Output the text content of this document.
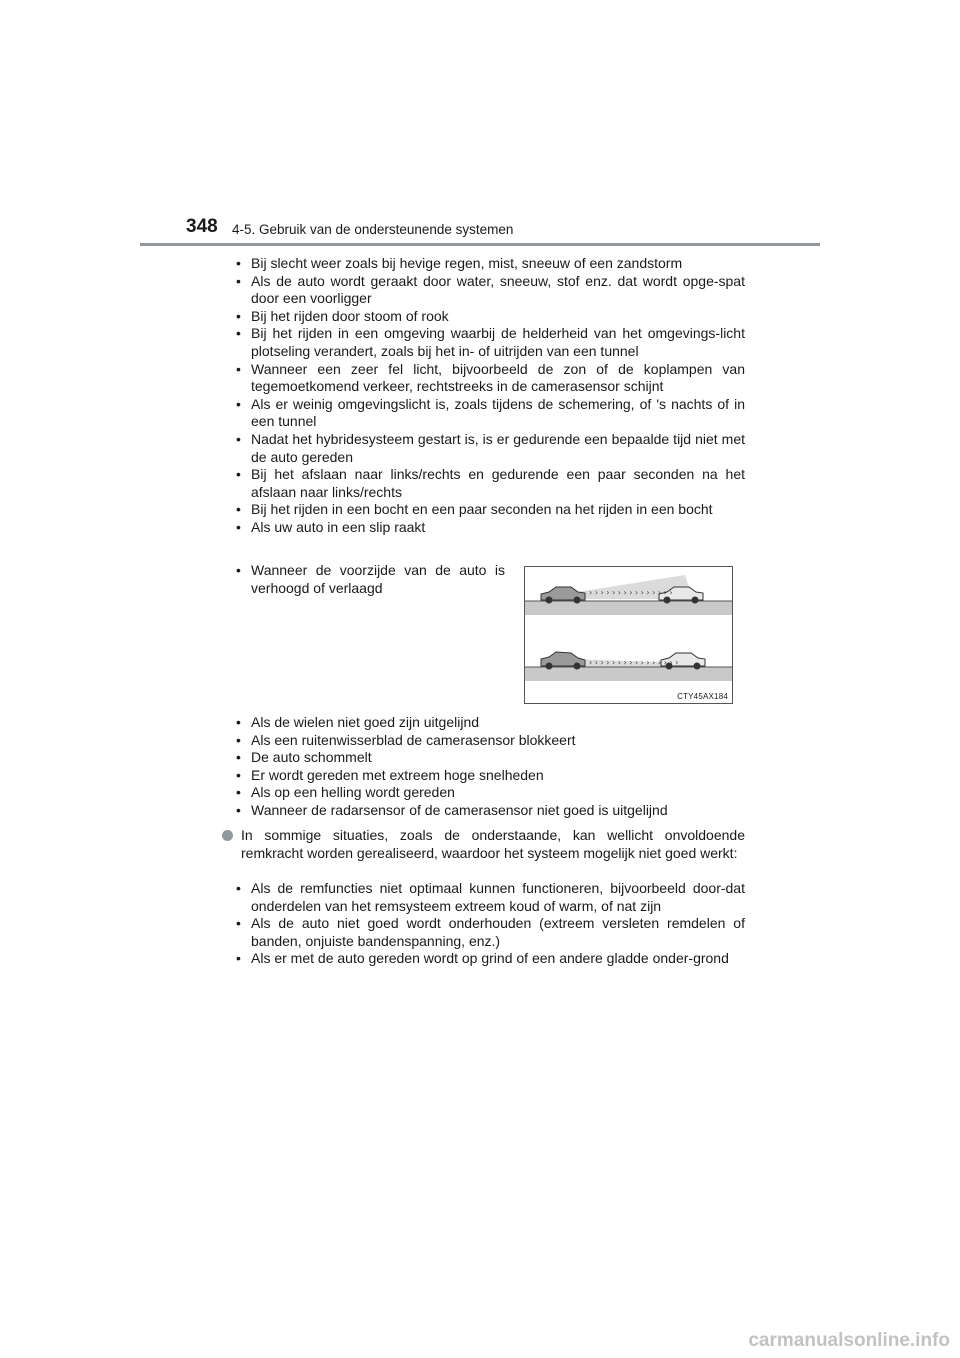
348 4-5. Gebruik van de ondersteunende systemen
• Bij slecht weer zoals bij hevige regen, mist, sneeuw of een zandstorm
• Als de auto wordt geraakt door water, sneeuw, stof enz. dat wordt opge-spat door een voorligger
• Bij het rijden door stoom of rook
• Bij het rijden in een omgeving waarbij de helderheid van het omgevings-licht plotseling verandert, zoals bij het in- of uitrijden van een tunnel
• Wanneer een zeer fel licht, bijvoorbeeld de zon of de koplampen van tegemoetkomend verkeer, rechtstreeks in de camerasensor schijnt
• Als er weinig omgevingslicht is, zoals tijdens de schemering, of 's nachts of in een tunnel
• Nadat het hybridesysteem gestart is, is er gedurende een bepaalde tijd niet met de auto gereden
• Bij het afslaan naar links/rechts en gedurende een paar seconden na het afslaan naar links/rechts
• Bij het rijden in een bocht en een paar seconden na het rijden in een bocht
• Als uw auto in een slip raakt
• Wanneer de voorzijde van de auto is verhoogd of verlaagd	› › › › › › › › › › › › › › ›
› › › › › › › › › › › › › › › ›
CTY45AX184
• Als de wielen niet goed zijn uitgelijnd
• Als een ruitenwisserblad de camerasensor blokkeert
• De auto schommelt
• Er wordt gereden met extreem hoge snelheden
• Als op een helling wordt gereden
• Wanneer de radarsensor of de camerasensor niet goed is uitgelijnd
In sommige situaties, zoals de onderstaande, kan wellicht onvoldoende remkracht worden gerealiseerd, waardoor het systeem mogelijk niet goed werkt:
• Als de remfuncties niet optimaal kunnen functioneren, bijvoorbeeld door-dat onderdelen van het remsysteem extreem koud of warm, of nat zijn
• Als de auto niet goed wordt onderhouden (extreem versleten remdelen of banden, onjuiste bandenspanning, enz.)
• Als er met de auto gereden wordt op grind of een andere gladde onder-grond
carmanualsonline.info
